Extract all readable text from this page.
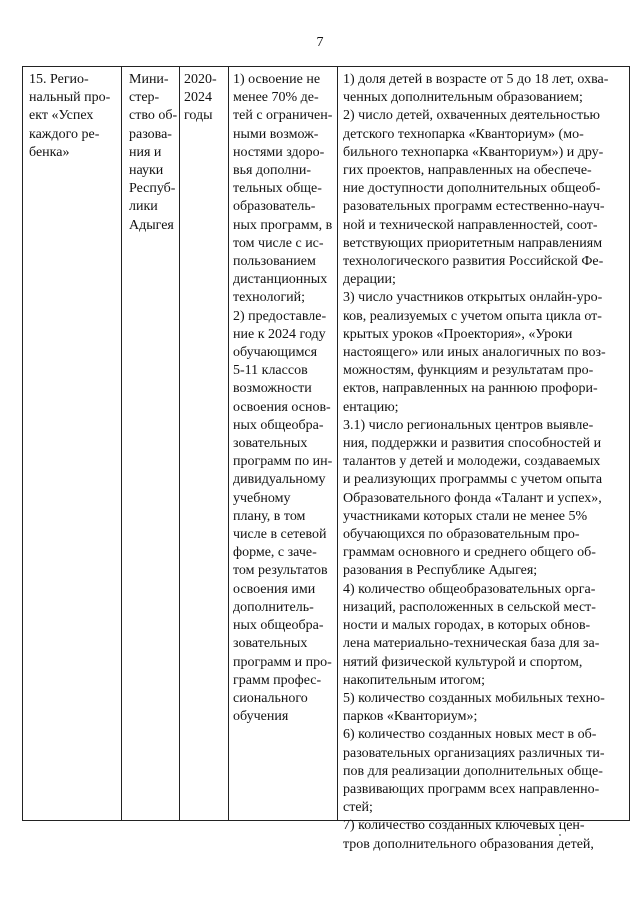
7
15. Регио-
нальный про-
ект «Успех
каждого ре-
бенка»
Мини-
стер-
ство об-
разова-
ния и
науки
Респуб-
лики
Адыгея
2020-
2024
годы
1) освоение не
менее 70% де-
тей с ограничен-
ными возмож-
ностями здоро-
вья дополни-
тельных обще-
образователь-
ных программ, в
том числе с ис-
пользованием
дистанционных
технологий;
2) предоставле-
ние к 2024 году
обучающимся
5-11 классов
возможности
освоения основ-
ных общеобра-
зовательных
программ по ин-
дивидуальному
учебному
плану, в том
числе в сетевой
форме, с заче-
том результатов
освоения ими
дополнитель-
ных общеобра-
зовательных
программ и про-
грамм профес-
сионального
обучения
1) доля детей в возрасте от 5 до 18 лет, охва-
ченных дополнительным образованием;
2) число детей, охваченных деятельностью
детского технопарка «Кванториум» (мо-
бильного технопарка «Кванториум») и дру-
гих проектов, направленных на обеспече-
ние доступности дополнительных общеоб-
разовательных программ естественно-науч-
ной и технической направленностей, соот-
ветствующих приоритетным направлениям
технологического развития Российской Фе-
дерации;
3) число участников открытых онлайн-уро-
ков, реализуемых с учетом опыта цикла от-
крытых уроков «Проектория», «Уроки
настоящего» или иных аналогичных по воз-
можностям, функциям и результатам про-
ектов, направленных на раннюю профори-
ентацию;
3.1) число региональных центров выявле-
ния, поддержки и развития способностей и
талантов у детей и молодежи, создаваемых
и реализующих программы с учетом опыта
Образовательного фонда «Талант и успех»,
участниками которых стали не менее 5%
обучающихся по образовательным про-
граммам основного и среднего общего об-
разования в Республике Адыгея;
4) количество общеобразовательных орга-
низаций, расположенных в сельской мест-
ности и малых городах, в которых обнов-
лена материально-техническая база для за-
нятий физической культурой и спортом,
накопительным итогом;
5) количество созданных мобильных техно-
парков «Кванториум»;
6) количество созданных новых мест в об-
разовательных организациях различных ти-
пов для реализации дополнительных обще-
развивающих программ всех направленно-
стей;
7) количество созданных ключевых цен-
тров дополнительного образования детей,
